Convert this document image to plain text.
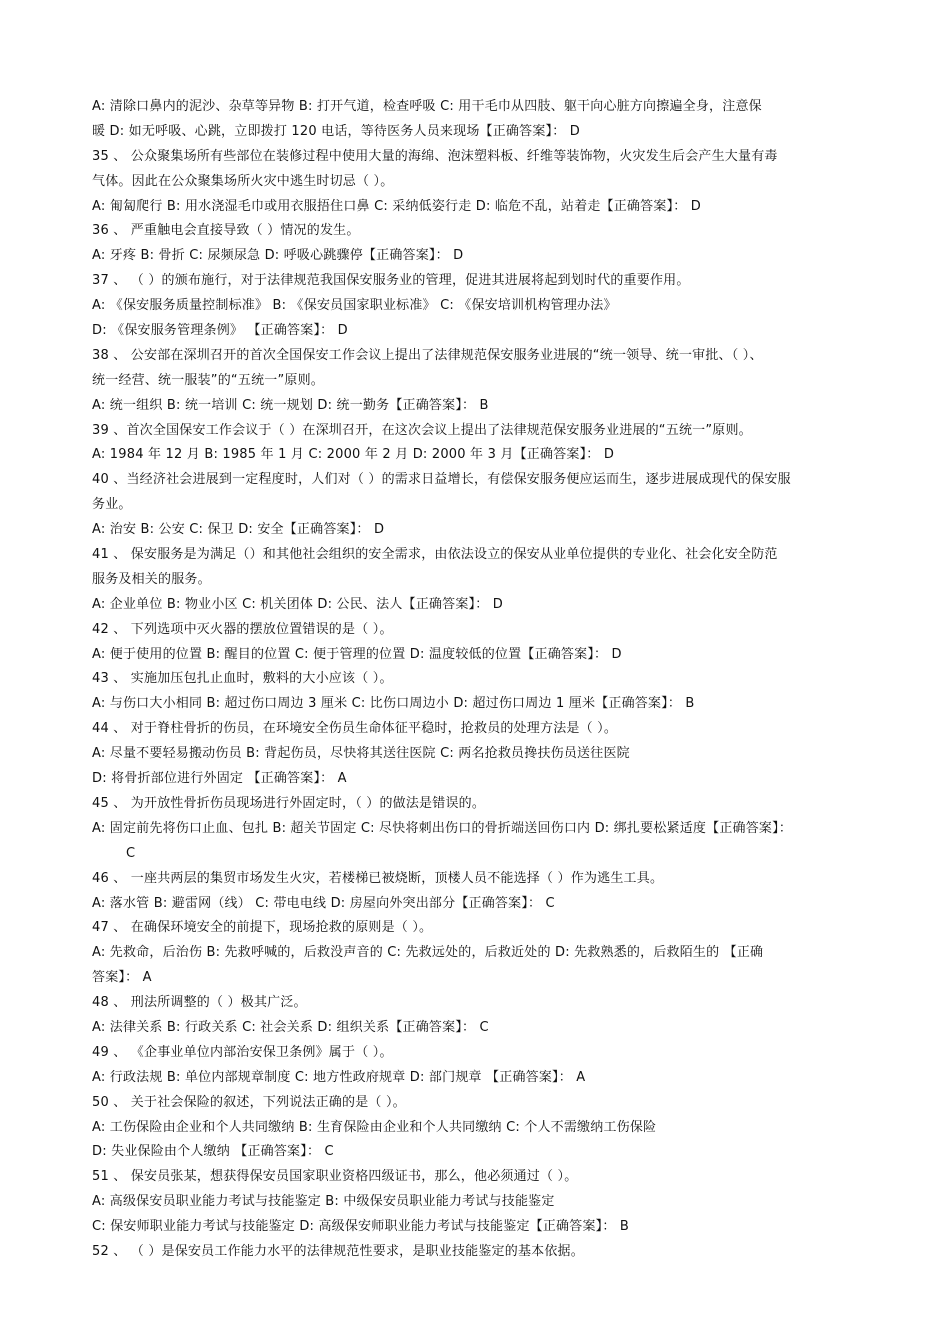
A: 清除口鼻内的泥沙、杂草等异物 B: 打开气道，检查呼吸 C: 用干毛巾从四肢、躯干向心脏方向擦遍全身，注意保
暖 D: 如无呼吸、心跳，立即拨打 120 电话，等待医务人员来现场【正确答案】： D
35 、 公众聚集场所有些部位在装修过程中使用大量的海绵、泡沫塑料板、纤维等装饰物，火灾发生后会产生大量有毒
气体。因此在公众聚集场所火灾中逃生时切忌（ ）。
A: 匍匐爬行 B: 用水浇湿毛巾或用衣服捂住口鼻 C: 采纳低姿行走 D: 临危不乱，站着走【正确答案】： D
36 、 严重触电会直接导致（ ）情况的发生。
A: 牙疼 B: 骨折 C: 尿频尿急 D: 呼吸心跳骤停【正确答案】： D
37 、 （ ）的颁布施行，对于法律规范我国保安服务业的管理，促进其进展将起到划时代的重要作用。
A: 《保安服务质量控制标准》 B: 《保安员国家职业标准》 C: 《保安培训机构管理办法》
D: 《保安服务管理条例》 【正确答案】： D
38 、 公安部在深圳召开的首次全国保安工作会议上提出了法律规范保安服务业进展的“统一领导、统一审批、（ ）、
统一经营、统一服装”的“五统一”原则。
A: 统一组织 B: 统一培训 C: 统一规划 D: 统一勤务【正确答案】： B
39 、首次全国保安工作会议于（ ）在深圳召开，在这次会议上提出了法律规范保安服务业进展的“五统一”原则。
A: 1984 年 12 月 B: 1985 年 1 月 C: 2000 年 2 月 D: 2000 年 3 月【正确答案】： D
40 、当经济社会进展到一定程度时，人们对（ ）的需求日益增长，有偿保安服务便应运而生，逐步进展成现代的保安服
务业。
A: 治安 B: 公安 C: 保卫 D: 安全【正确答案】： D
41 、 保安服务是为满足（）和其他社会组织的安全需求，由依法设立的保安从业单位提供的专业化、社会化安全防范
服务及相关的服务。
A: 企业单位 B: 物业小区 C: 机关团体 D: 公民、法人【正确答案】： D
42 、 下列选项中灭火器的摆放位置错误的是（ ）。
A: 便于使用的位置 B: 醒目的位置 C: 便于管理的位置 D: 温度较低的位置【正确答案】： D
43 、 实施加压包扎止血时，敷料的大小应该（ ）。
A: 与伤口大小相同 B: 超过伤口周边 3 厘米 C: 比伤口周边小 D: 超过伤口周边 1 厘米【正确答案】： B
44 、 对于脊柱骨折的伤员，在环境安全伤员生命体征平稳时，抢救员的处理方法是（ ）。
A: 尽量不要轻易搬动伤员 B: 背起伤员，尽快将其送往医院 C: 两名抢救员搀扶伤员送往医院
D: 将骨折部位进行外固定 【正确答案】： A
45 、 为开放性骨折伤员现场进行外固定时，（ ）的做法是错误的。
A: 固定前先将伤口止血、包扎 B: 超关节固定 C: 尽快将刺出伤口的骨折端送回伤口内 D: 绑扎要松紧适度【正确答案】：
C
46 、 一座共两层的集贸市场发生火灾，若楼梯已被烧断，顶楼人员不能选择（ ）作为逃生工具。
A: 落水管 B: 避雷网（线） C: 带电电线 D: 房屋向外突出部分【正确答案】： C
47 、 在确保环境安全的前提下，现场抢救的原则是（ ）。
A: 先救命，后治伤 B: 先救呼喊的，后救没声音的 C: 先救远处的，后救近处的 D: 先救熟悉的，后救陌生的 【正确
答案】： A
48 、 刑法所调整的（ ）极其广泛。
A: 法律关系 B: 行政关系 C: 社会关系 D: 组织关系【正确答案】： C
49 、 《企事业单位内部治安保卫条例》属于（ ）。
A: 行政法规 B: 单位内部规章制度 C: 地方性政府规章 D: 部门规章 【正确答案】： A
50 、 关于社会保险的叙述，下列说法正确的是（ ）。
A: 工伤保险由企业和个人共同缴纳 B: 生育保险由企业和个人共同缴纳 C: 个人不需缴纳工伤保险
D: 失业保险由个人缴纳 【正确答案】： C
51 、 保安员张某，想获得保安员国家职业资格四级证书，那么，他必须通过（ ）。
A: 高级保安员职业能力考试与技能鉴定 B: 中级保安员职业能力考试与技能鉴定
C: 保安师职业能力考试与技能鉴定 D: 高级保安师职业能力考试与技能鉴定【正确答案】： B
52 、 （ ）是保安员工作能力水平的法律规范性要求，是职业技能鉴定的基本依据。
